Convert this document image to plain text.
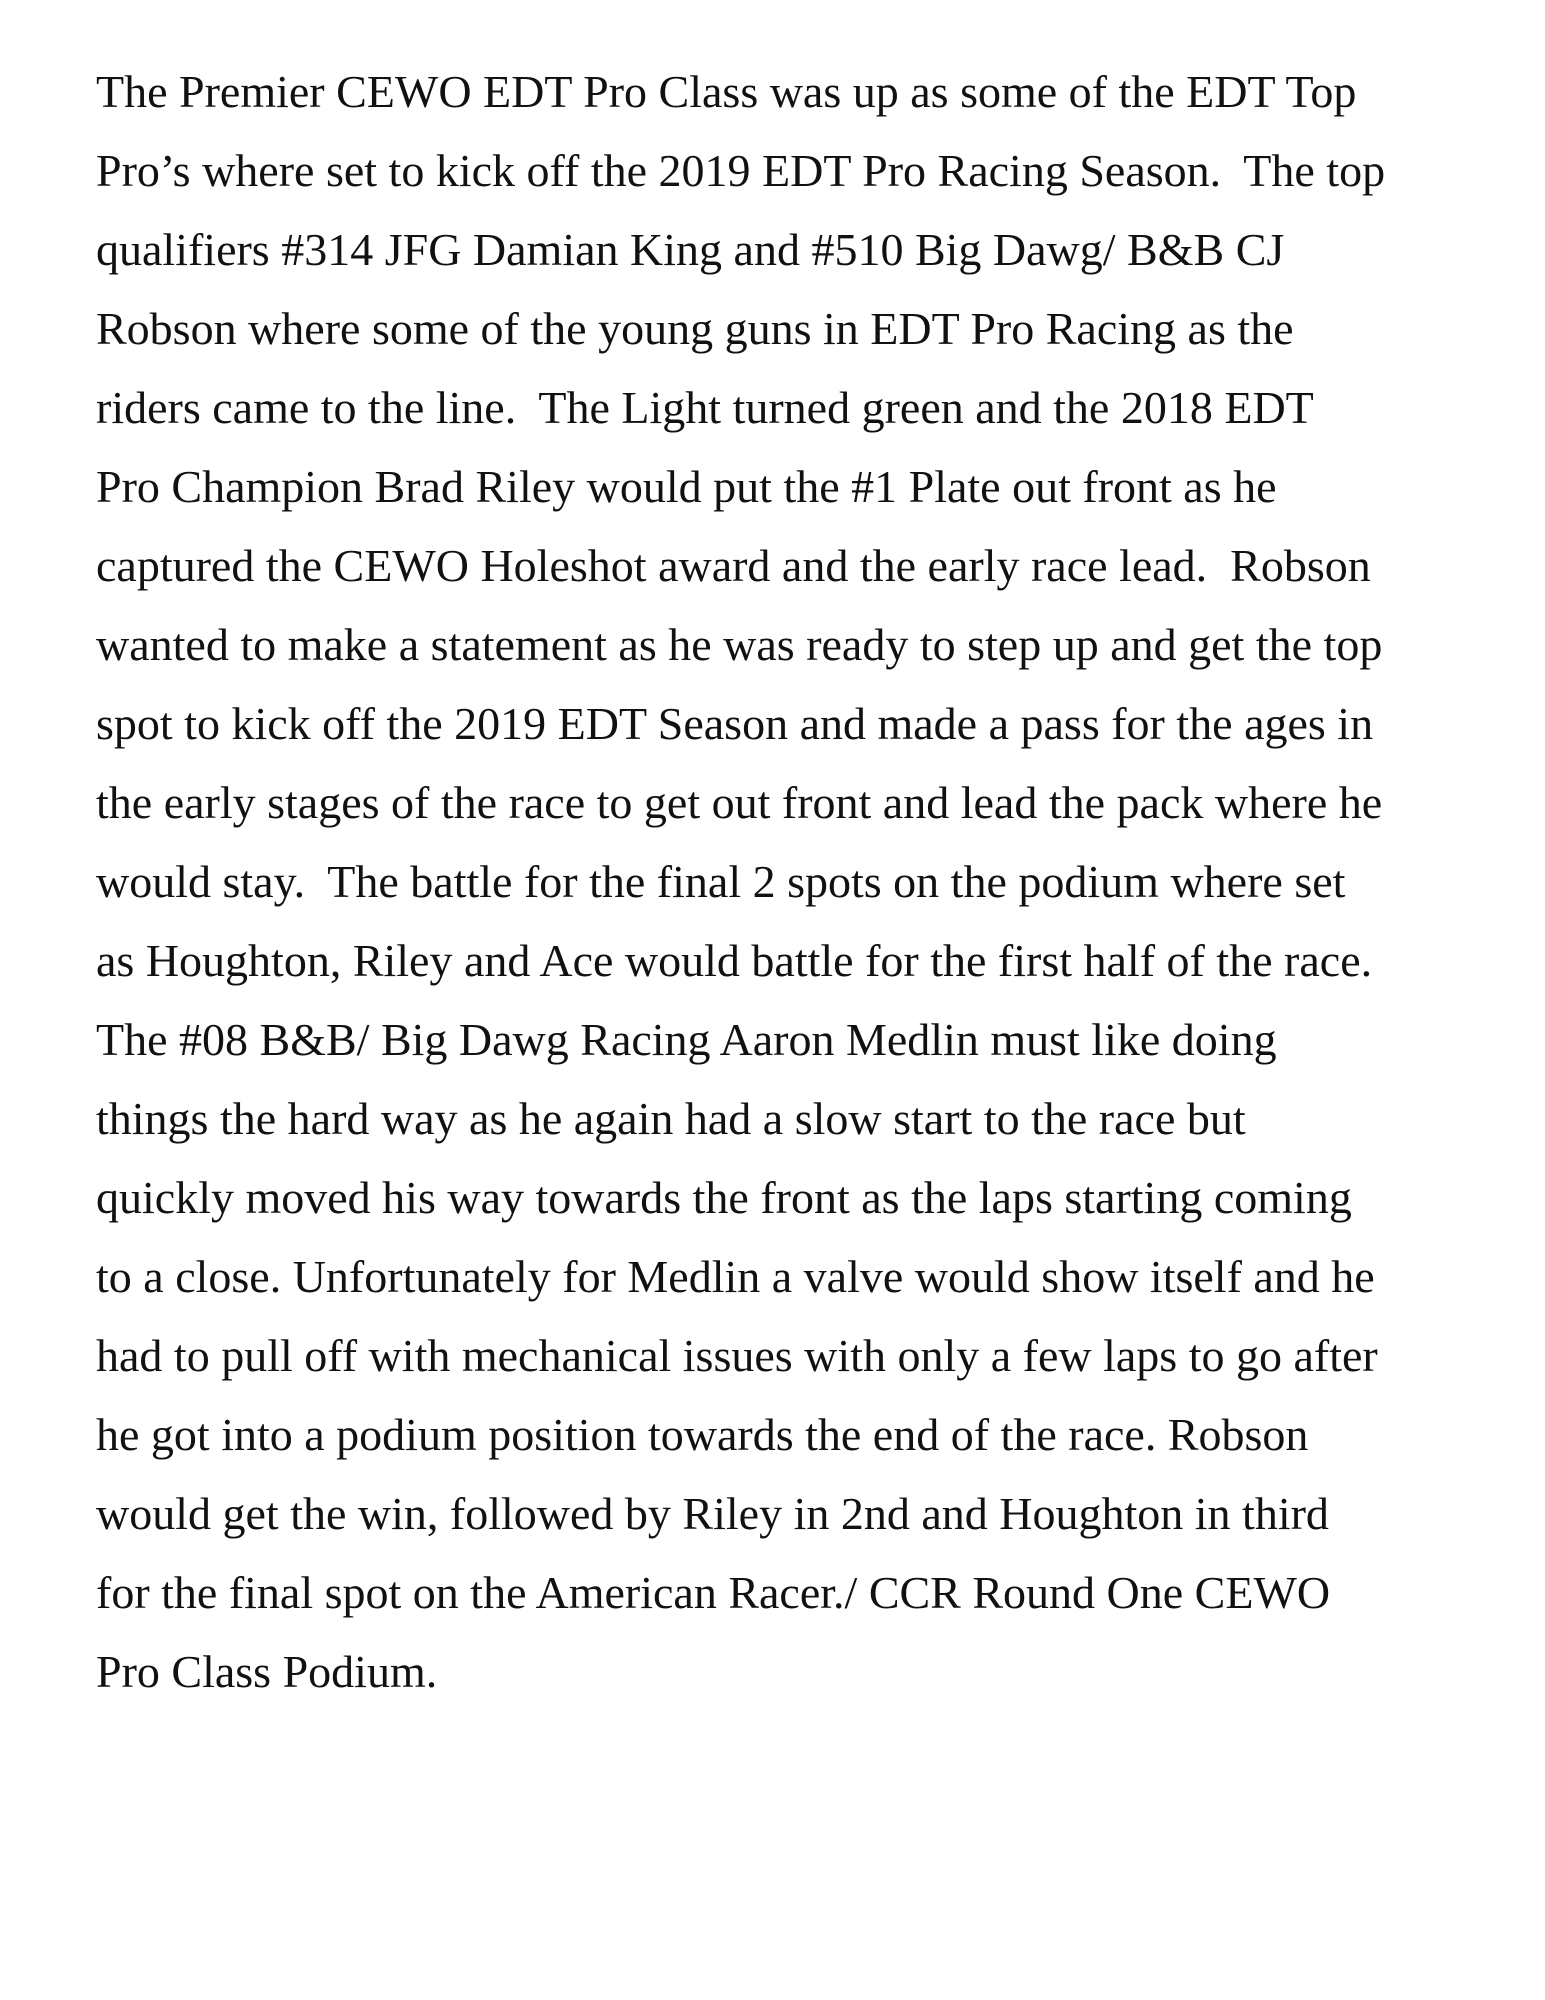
The Premier CEWO EDT Pro Class was up as some of the EDT Top
Pro’s where set to kick off the 2019 EDT Pro Racing Season.  The top
qualifiers #314 JFG Damian King and #510 Big Dawg/ B&B CJ
Robson where some of the young guns in EDT Pro Racing as the
riders came to the line.  The Light turned green and the 2018 EDT
Pro Champion Brad Riley would put the #1 Plate out front as he
captured the CEWO Holeshot award and the early race lead.  Robson
wanted to make a statement as he was ready to step up and get the top
spot to kick off the 2019 EDT Season and made a pass for the ages in
the early stages of the race to get out front and lead the pack where he
would stay.  The battle for the final 2 spots on the podium where set
as Houghton, Riley and Ace would battle for the first half of the race.
The #08 B&B/ Big Dawg Racing Aaron Medlin must like doing
things the hard way as he again had a slow start to the race but
quickly moved his way towards the front as the laps starting coming
to a close. Unfortunately for Medlin a valve would show itself and he
had to pull off with mechanical issues with only a few laps to go after
he got into a podium position towards the end of the race. Robson
would get the win, followed by Riley in 2nd and Houghton in third
for the final spot on the American Racer./ CCR Round One CEWO
Pro Class Podium.
